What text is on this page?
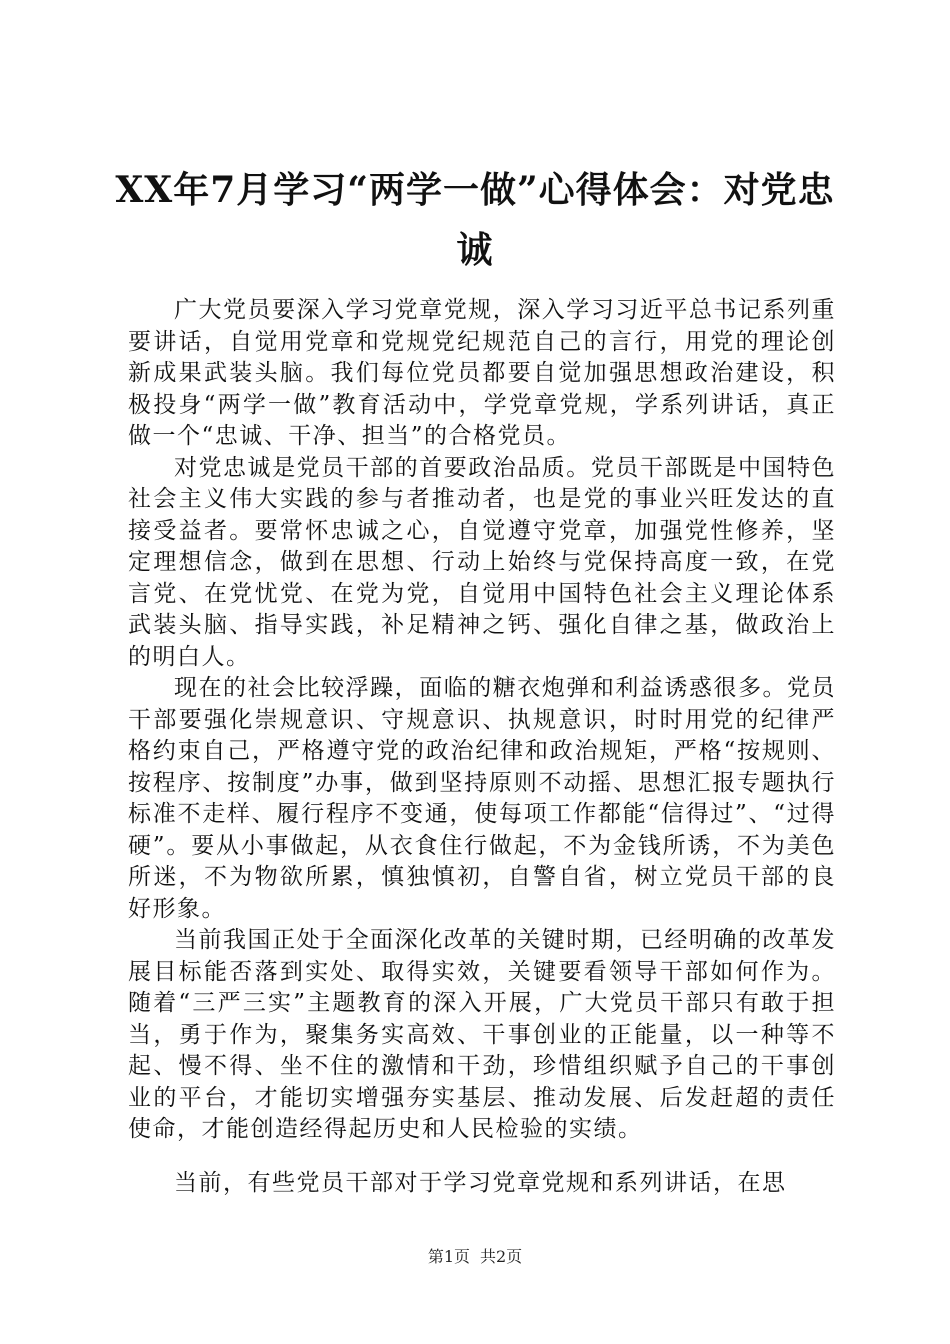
XX年7月学习“两学一做”心得体会：对党忠诚

广大党员要深入学习党章党规，深入学习习近平总书记系列重要讲话，自觉用党章和党规党纪规范自己的言行，用党的理论创新成果武装头脑。我们每位党员都要自觉加强思想政治建设，积极投身“两学一做”教育活动中，学党章党规，学系列讲话，真正做一个“忠诚、干净、担当”的合格党员。

对党忠诚是党员干部的首要政治品质。党员干部既是中国特色社会主义伟大实践的参与者推动者，也是党的事业兴旺发达的直接受益者。要常怀忠诚之心，自觉遵守党章，加强党性修养，坚定理想信念，做到在思想、行动上始终与党保持高度一致，在党言党、在党忧党、在党为党，自觉用中国特色社会主义理论体系武装头脑、指导实践，补足精神之钙、强化自律之基，做政治上的明白人。

现在的社会比较浮躁，面临的糖衣炮弹和利益诱惑很多。党员干部要强化崇规意识、守规意识、执规意识，时时用党的纪律严格约束自己，严格遵守党的政治纪律和政治规矩，严格“按规则、按程序、按制度”办事，做到坚持原则不动摇、思想汇报专题执行标准不走样、履行程序不变通，使每项工作都能“信得过”、“过得硬”。要从小事做起，从衣食住行做起，不为金钱所诱，不为美色所迷，不为物欲所累，慎独慎初，自警自省，树立党员干部的良好形象。

当前我国正处于全面深化改革的关键时期，已经明确的改革发展目标能否落到实处、取得实效，关键要看领导干部如何作为。随着“三严三实”主题教育的深入开展，广大党员干部只有敢于担当，勇于作为，聚集务实高效、干事创业的正能量，以一种等不起、慢不得、坐不住的激情和干劲，珍惜组织赋予自己的干事创业的平台，才能切实增强夯实基层、推动发展、后发赶超的责任使命，才能创造经得起历史和人民检验的实绩。

当前，有些党员干部对于学习党章党规和系列讲话，在思

第1页 共2页
